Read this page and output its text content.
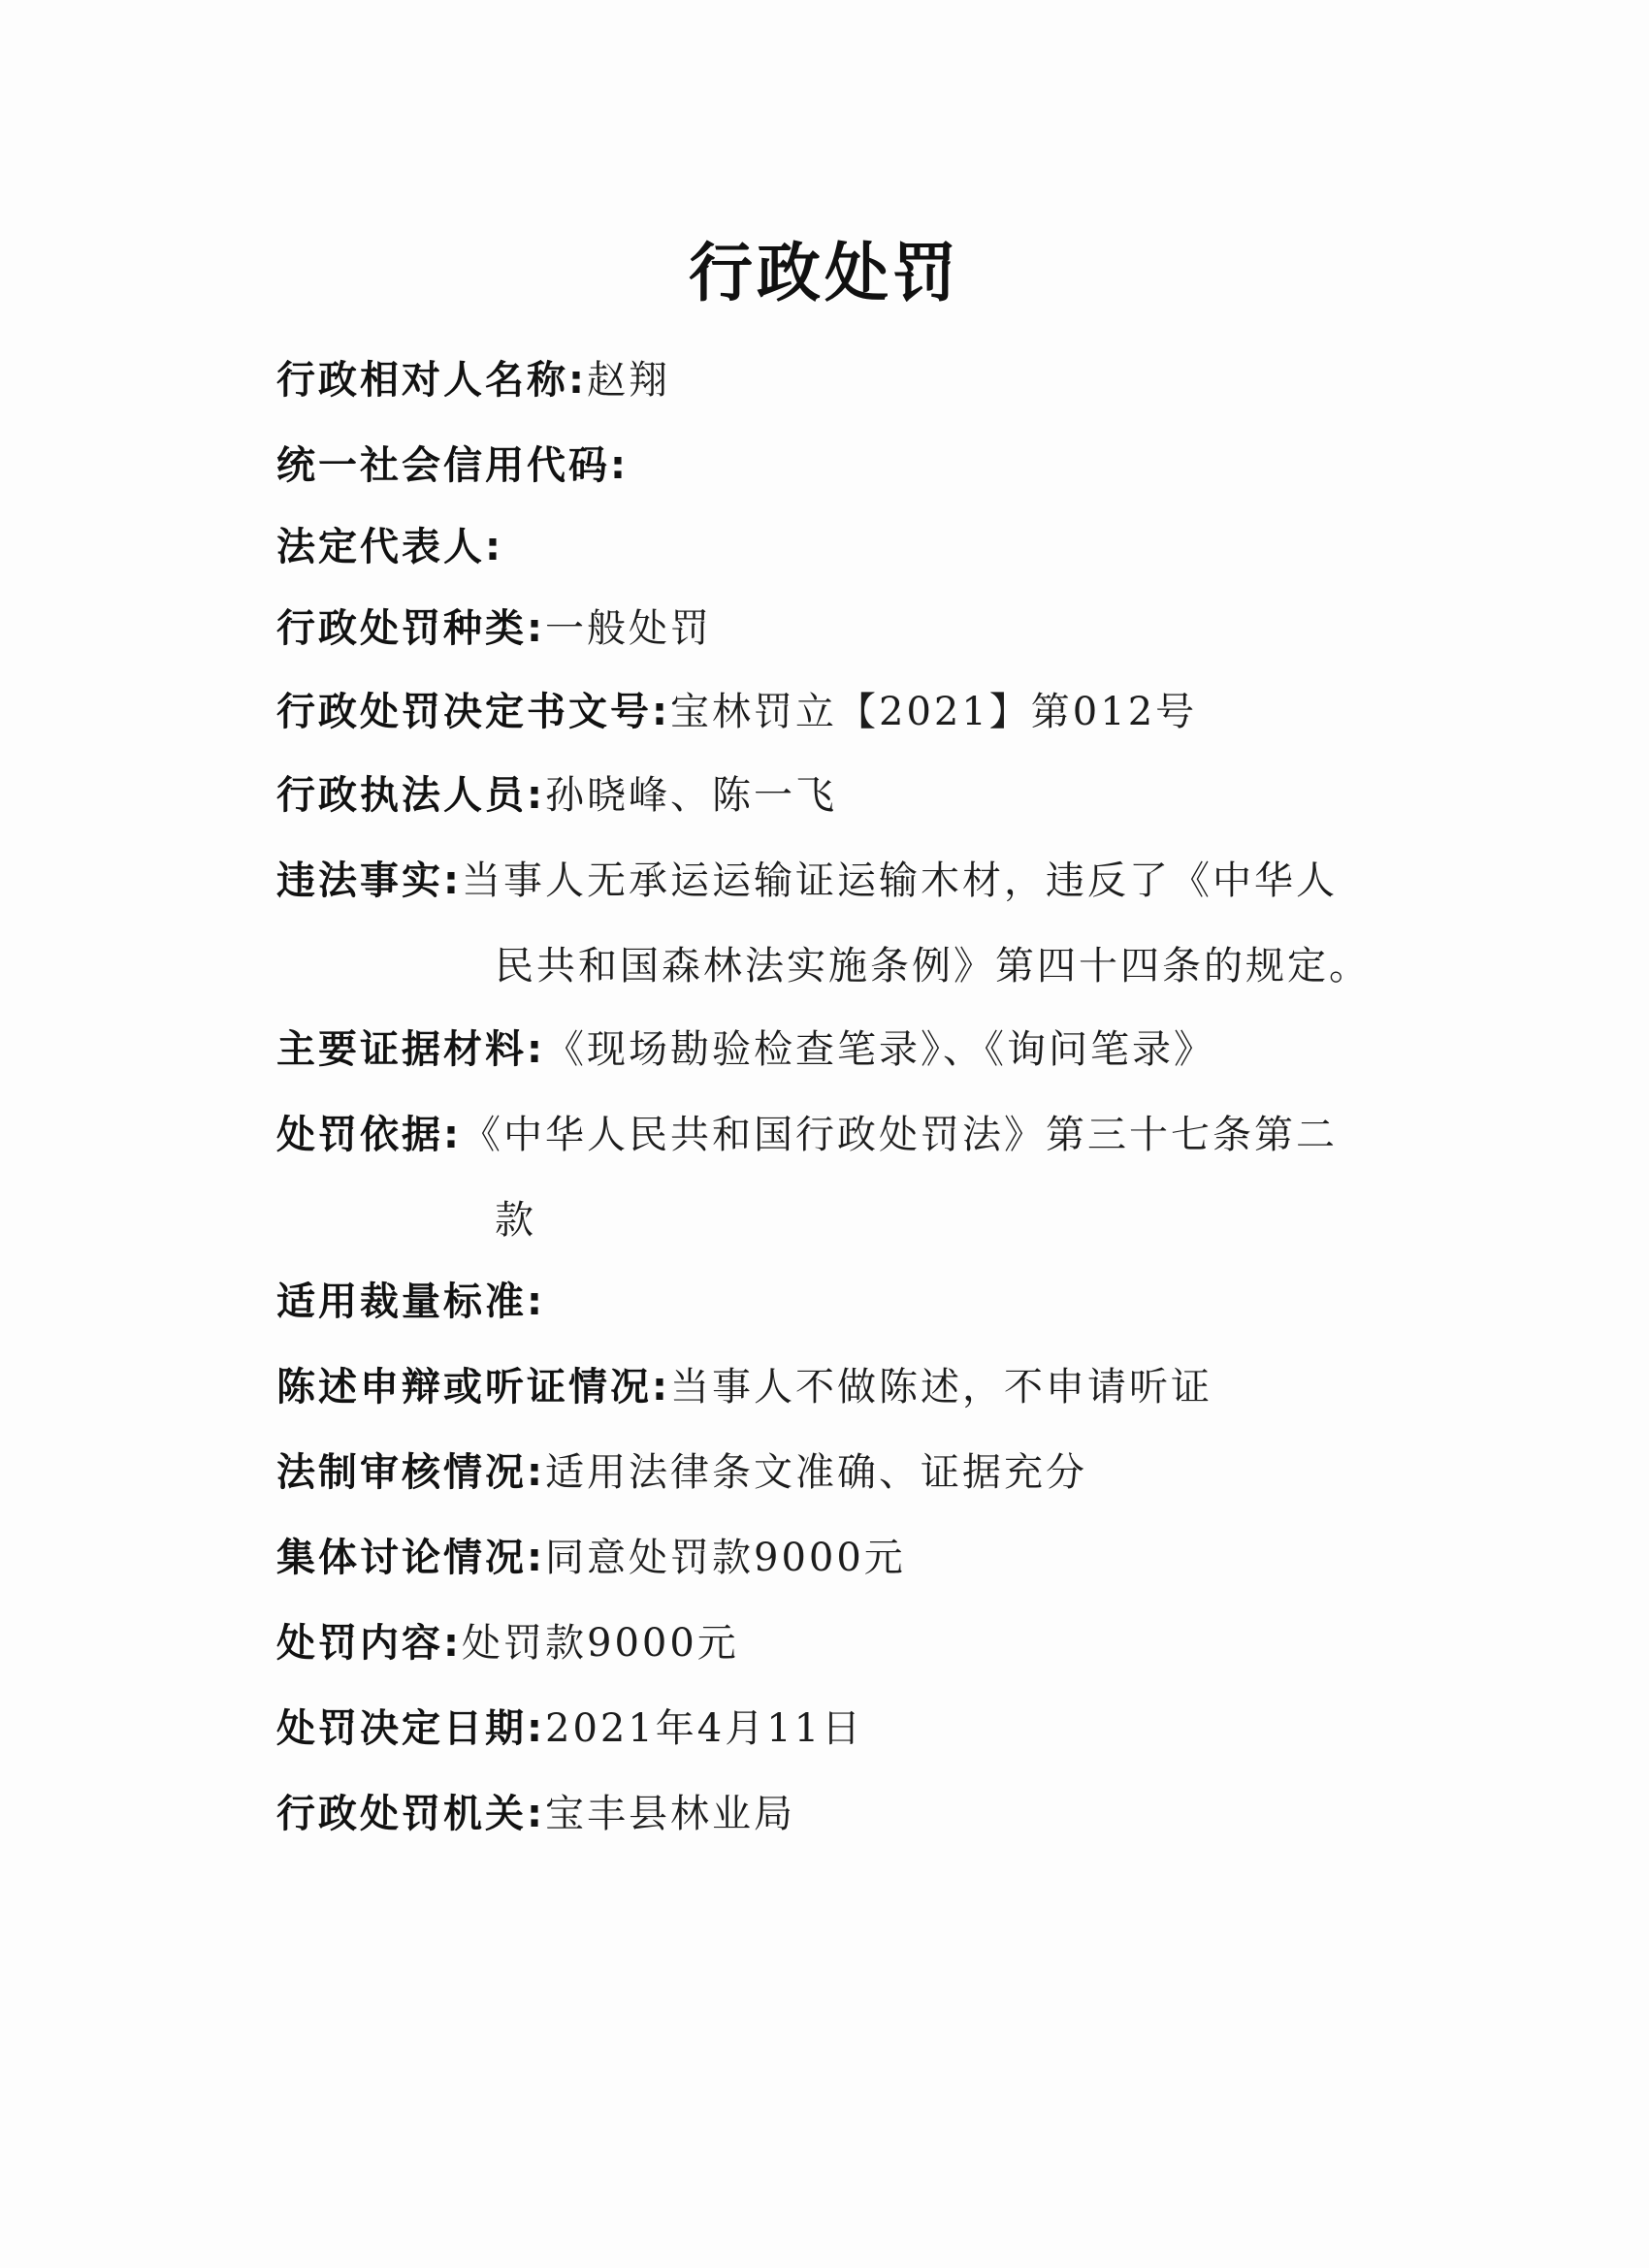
行政处罚
行政相对人名称:赵翔
统一社会信用代码:
法定代表人:
行政处罚种类:一般处罚
行政处罚决定书文号:宝林罚立【2021】第012号
行政执法人员:孙晓峰、陈一飞
违法事实:当事人无承运运输证运输木材，违反了《中华人
民共和国森林法实施条例》第四十四条的规定。
主要证据材料:《现场勘验检查笔录》、《询问笔录》
处罚依据:《中华人民共和国行政处罚法》第三十七条第二
款
适用裁量标准:
陈述申辩或听证情况:当事人不做陈述，不申请听证
法制审核情况:适用法律条文准确、证据充分
集体讨论情况:同意处罚款9000元
处罚内容:处罚款9000元
处罚决定日期:2021年4月11日
行政处罚机关:宝丰县林业局
